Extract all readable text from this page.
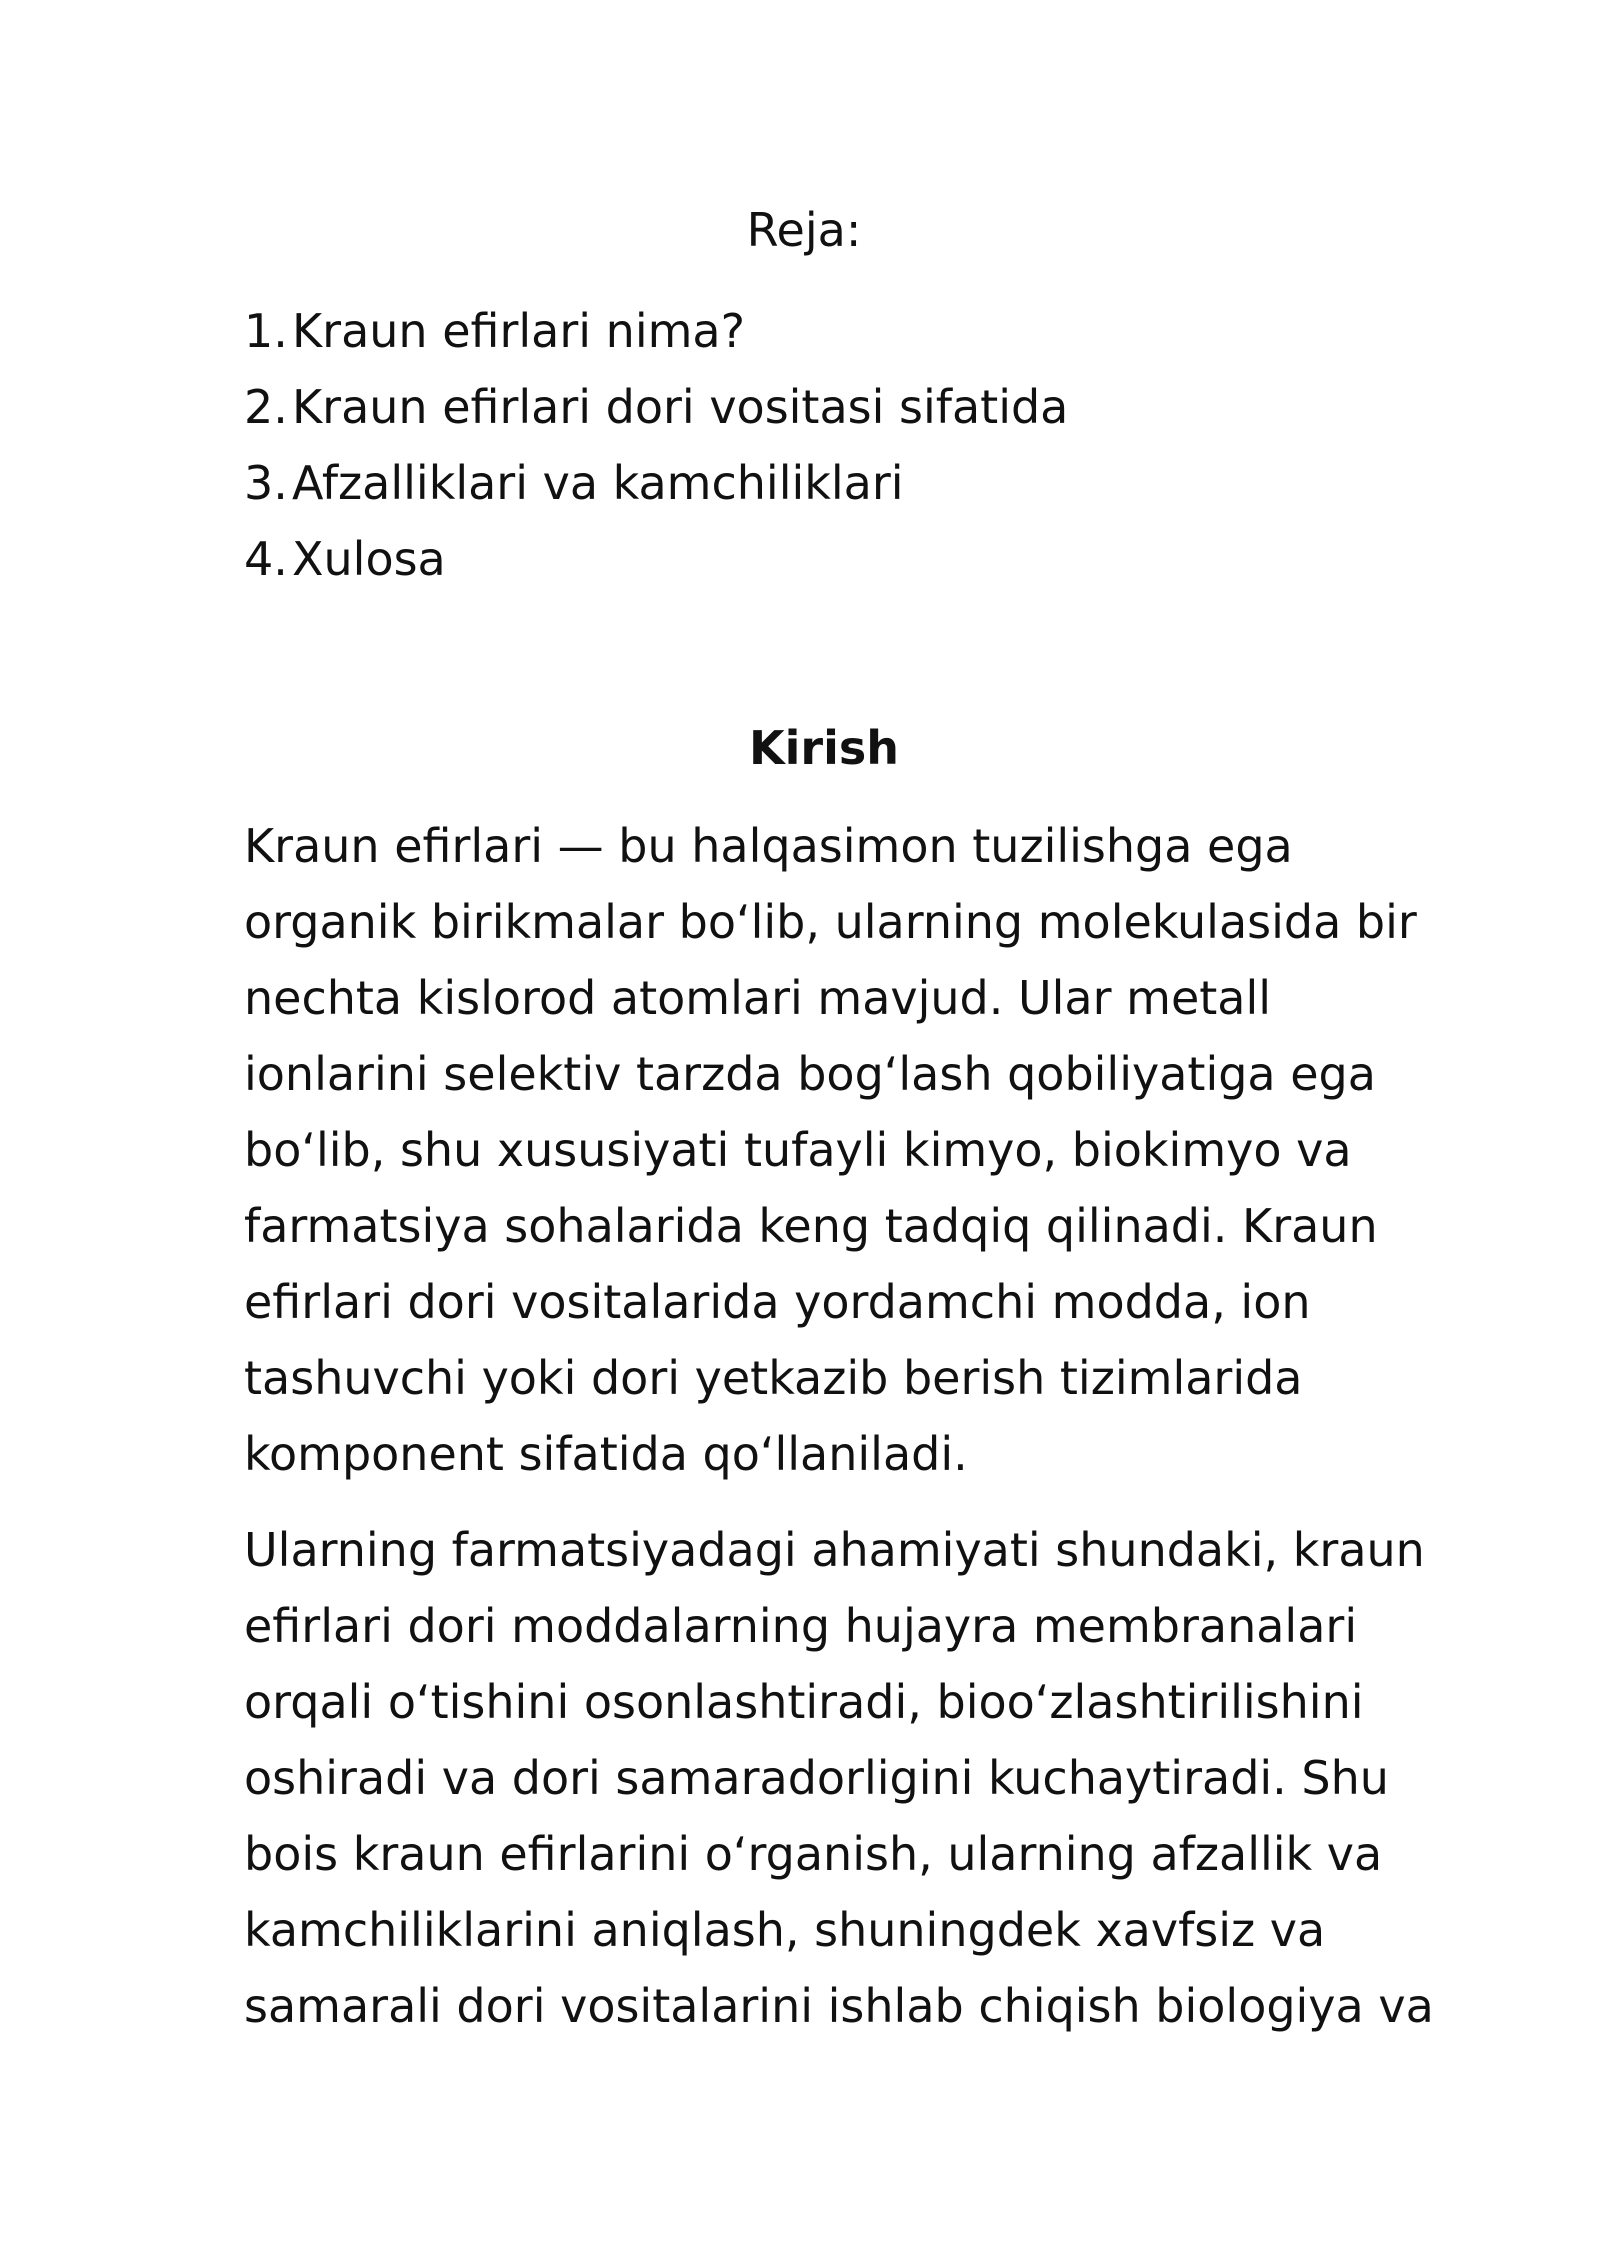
Reja:
1.Kraun efirlari nima?
2.Kraun efirlari dori vositasi sifatida
3.Afzalliklari va kamchiliklari
4.Xulosa
Kirish

Kraun efirlari — bu halqasimon tuzilishga ega
organik birikmalar boʻlib, ularning molekulasida bir
nechta kislorod atomlari mavjud. Ular metall
ionlarini selektiv tarzda bogʻlash qobiliyatiga ega
boʻlib, shu xususiyati tufayli kimyo, biokimyo va
farmatsiya sohalarida keng tadqiq qilinadi. Kraun
efirlari dori vositalarida yordamchi modda, ion
tashuvchi yoki dori yetkazib berish tizimlarida
komponent sifatida qoʻllaniladi.

Ularning farmatsiyadagi ahamiyati shundaki, kraun
efirlari dori moddalarning hujayra membranalari
orqali oʻtishini osonlashtiradi, biooʻzlashtirilishini
oshiradi va dori samaradorligini kuchaytiradi. Shu
bois kraun efirlarini oʻrganish, ularning afzallik va
kamchiliklarini aniqlash, shuningdek xavfsiz va
samarali dori vositalarini ishlab chiqish biologiya va
